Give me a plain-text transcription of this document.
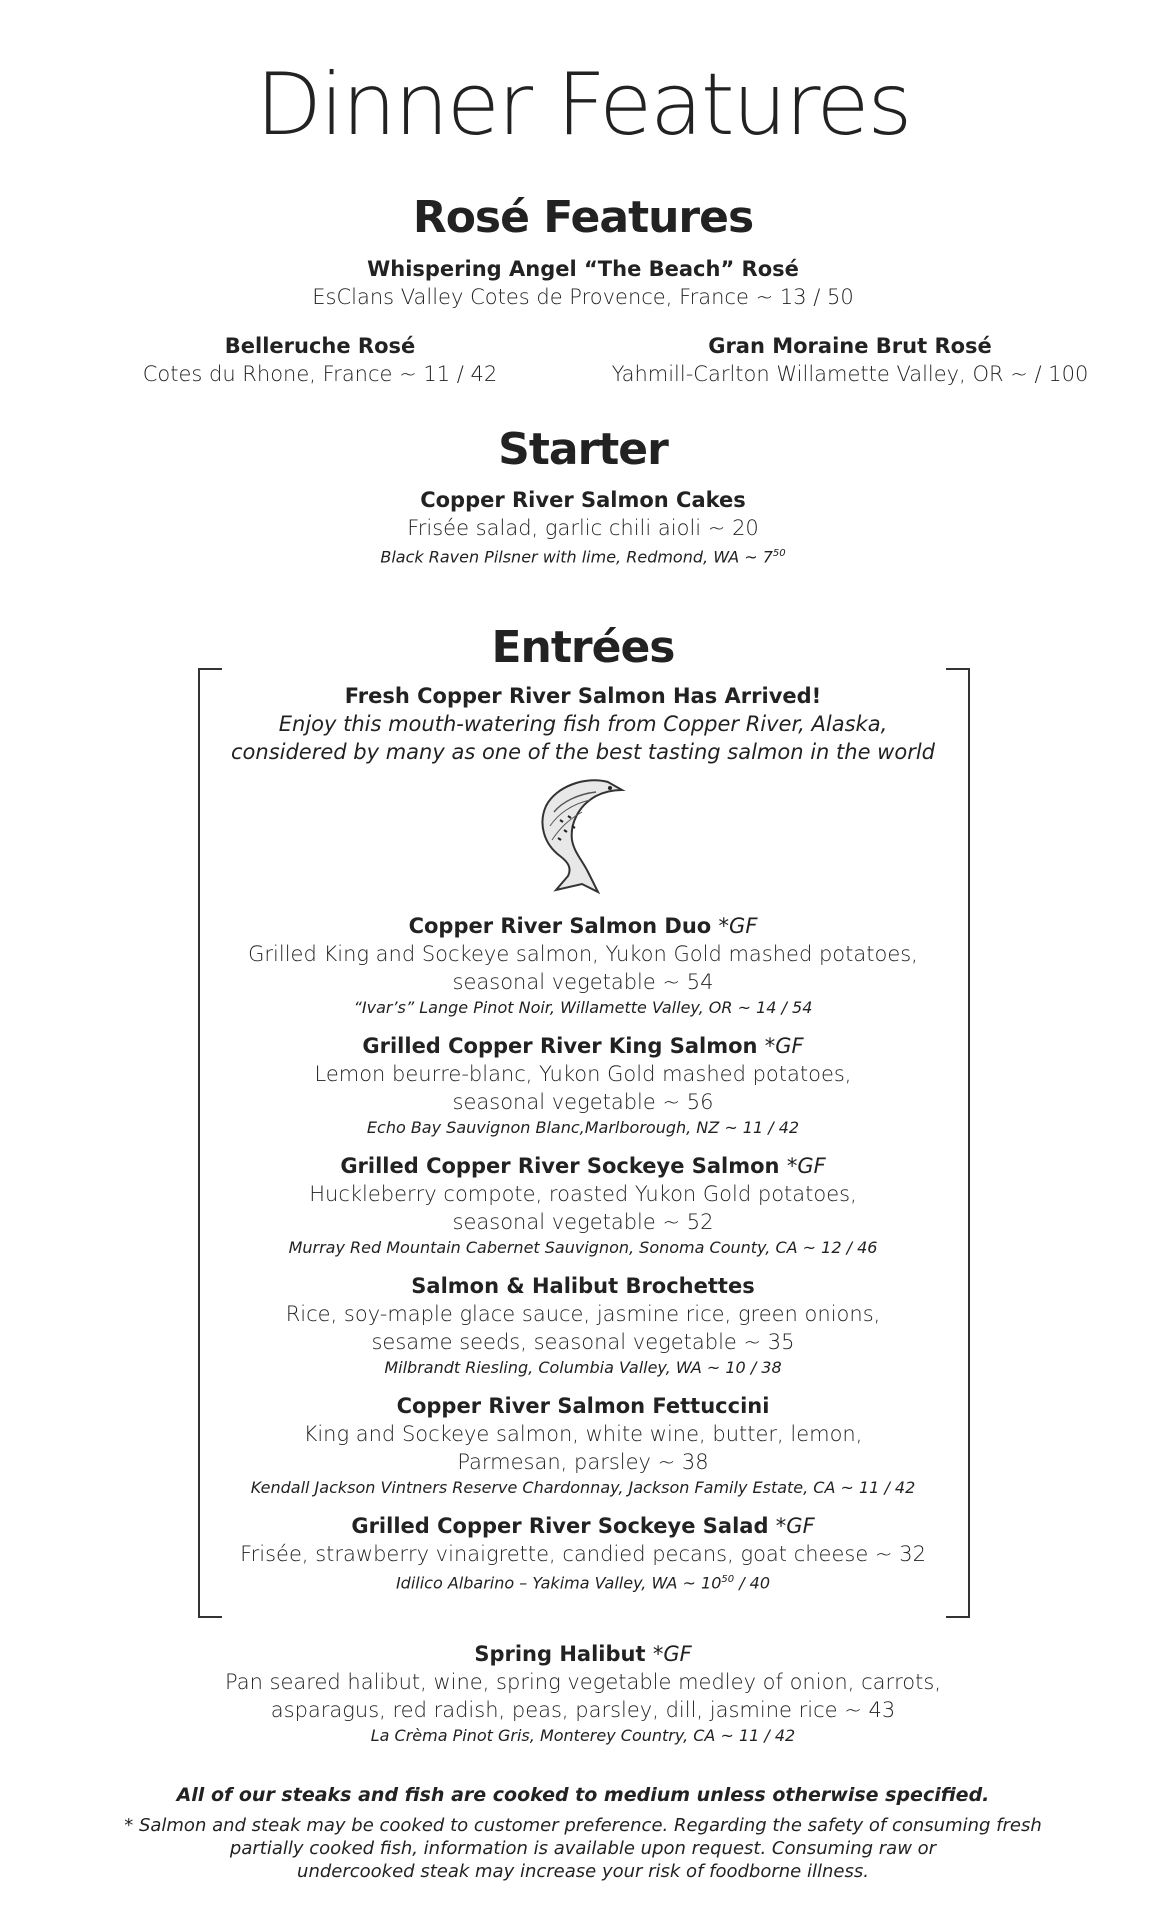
Dinner Features
Rosé Features
Whispering Angel “The Beach” Rosé
EsClans Valley Cotes de Provence, France ~ 13 / 50
Belleruche Rosé
Cotes du Rhone, France ~ 11 / 42
Gran Moraine Brut Rosé
Yahmill-Carlton Willamette Valley, OR ~ / 100
Starter
Copper River Salmon Cakes
Frisée salad, garlic chili aioli ~ 20
Black Raven Pilsner with lime, Redmond, WA ~ $7^{50}$
Entrées
Fresh Copper River Salmon Has Arrived!
Enjoy this mouth-watering fish from Copper River, Alaska,
considered by many as one of the best tasting salmon in the world
Copper River Salmon Duo *GF
Grilled King and Sockeye salmon, Yukon Gold mashed potatoes,
seasonal vegetable ~ 54
“Ivar’s” Lange Pinot Noir, Willamette Valley, OR ~ 14 / 54
Grilled Copper River King Salmon *GF
Lemon beurre-blanc, Yukon Gold mashed potatoes,
seasonal vegetable ~ 56
Echo Bay Sauvignon Blanc,Marlborough, NZ ~ 11 / 42
Grilled Copper River Sockeye Salmon *GF
Huckleberry compote, roasted Yukon Gold potatoes,
seasonal vegetable ~ 52
Murray Red Mountain Cabernet Sauvignon, Sonoma County, CA ~ 12 / 46
Salmon & Halibut Brochettes
Rice, soy-maple glace sauce, jasmine rice, green onions,
sesame seeds, seasonal vegetable ~ 35
Milbrandt Riesling, Columbia Valley, WA ~ 10 / 38
Copper River Salmon Fettuccini
King and Sockeye salmon, white wine, butter, lemon,
Parmesan, parsley ~ 38
Kendall Jackson Vintners Reserve Chardonnay, Jackson Family Estate, CA ~ 11 / 42
Grilled Copper River Sockeye Salad *GF
Frisée, strawberry vinaigrette, candied pecans, goat cheese ~ 32
Idilico Albarino – Yakima Valley, WA ~ $10^{50} / 40$
Spring Halibut *GF
Pan seared halibut, wine, spring vegetable medley of onion, carrots,
asparagus, red radish, peas, parsley, dill, jasmine rice ~ 43
La Crèma Pinot Gris, Monterey Country, CA ~ 11 / 42
All of our steaks and fish are cooked to medium unless otherwise specified.
* Salmon and steak may be cooked to customer preference. Regarding the safety of consuming fresh
partially cooked fish, information is available upon request. Consuming raw or
undercooked steak may increase your risk of foodborne illness.
